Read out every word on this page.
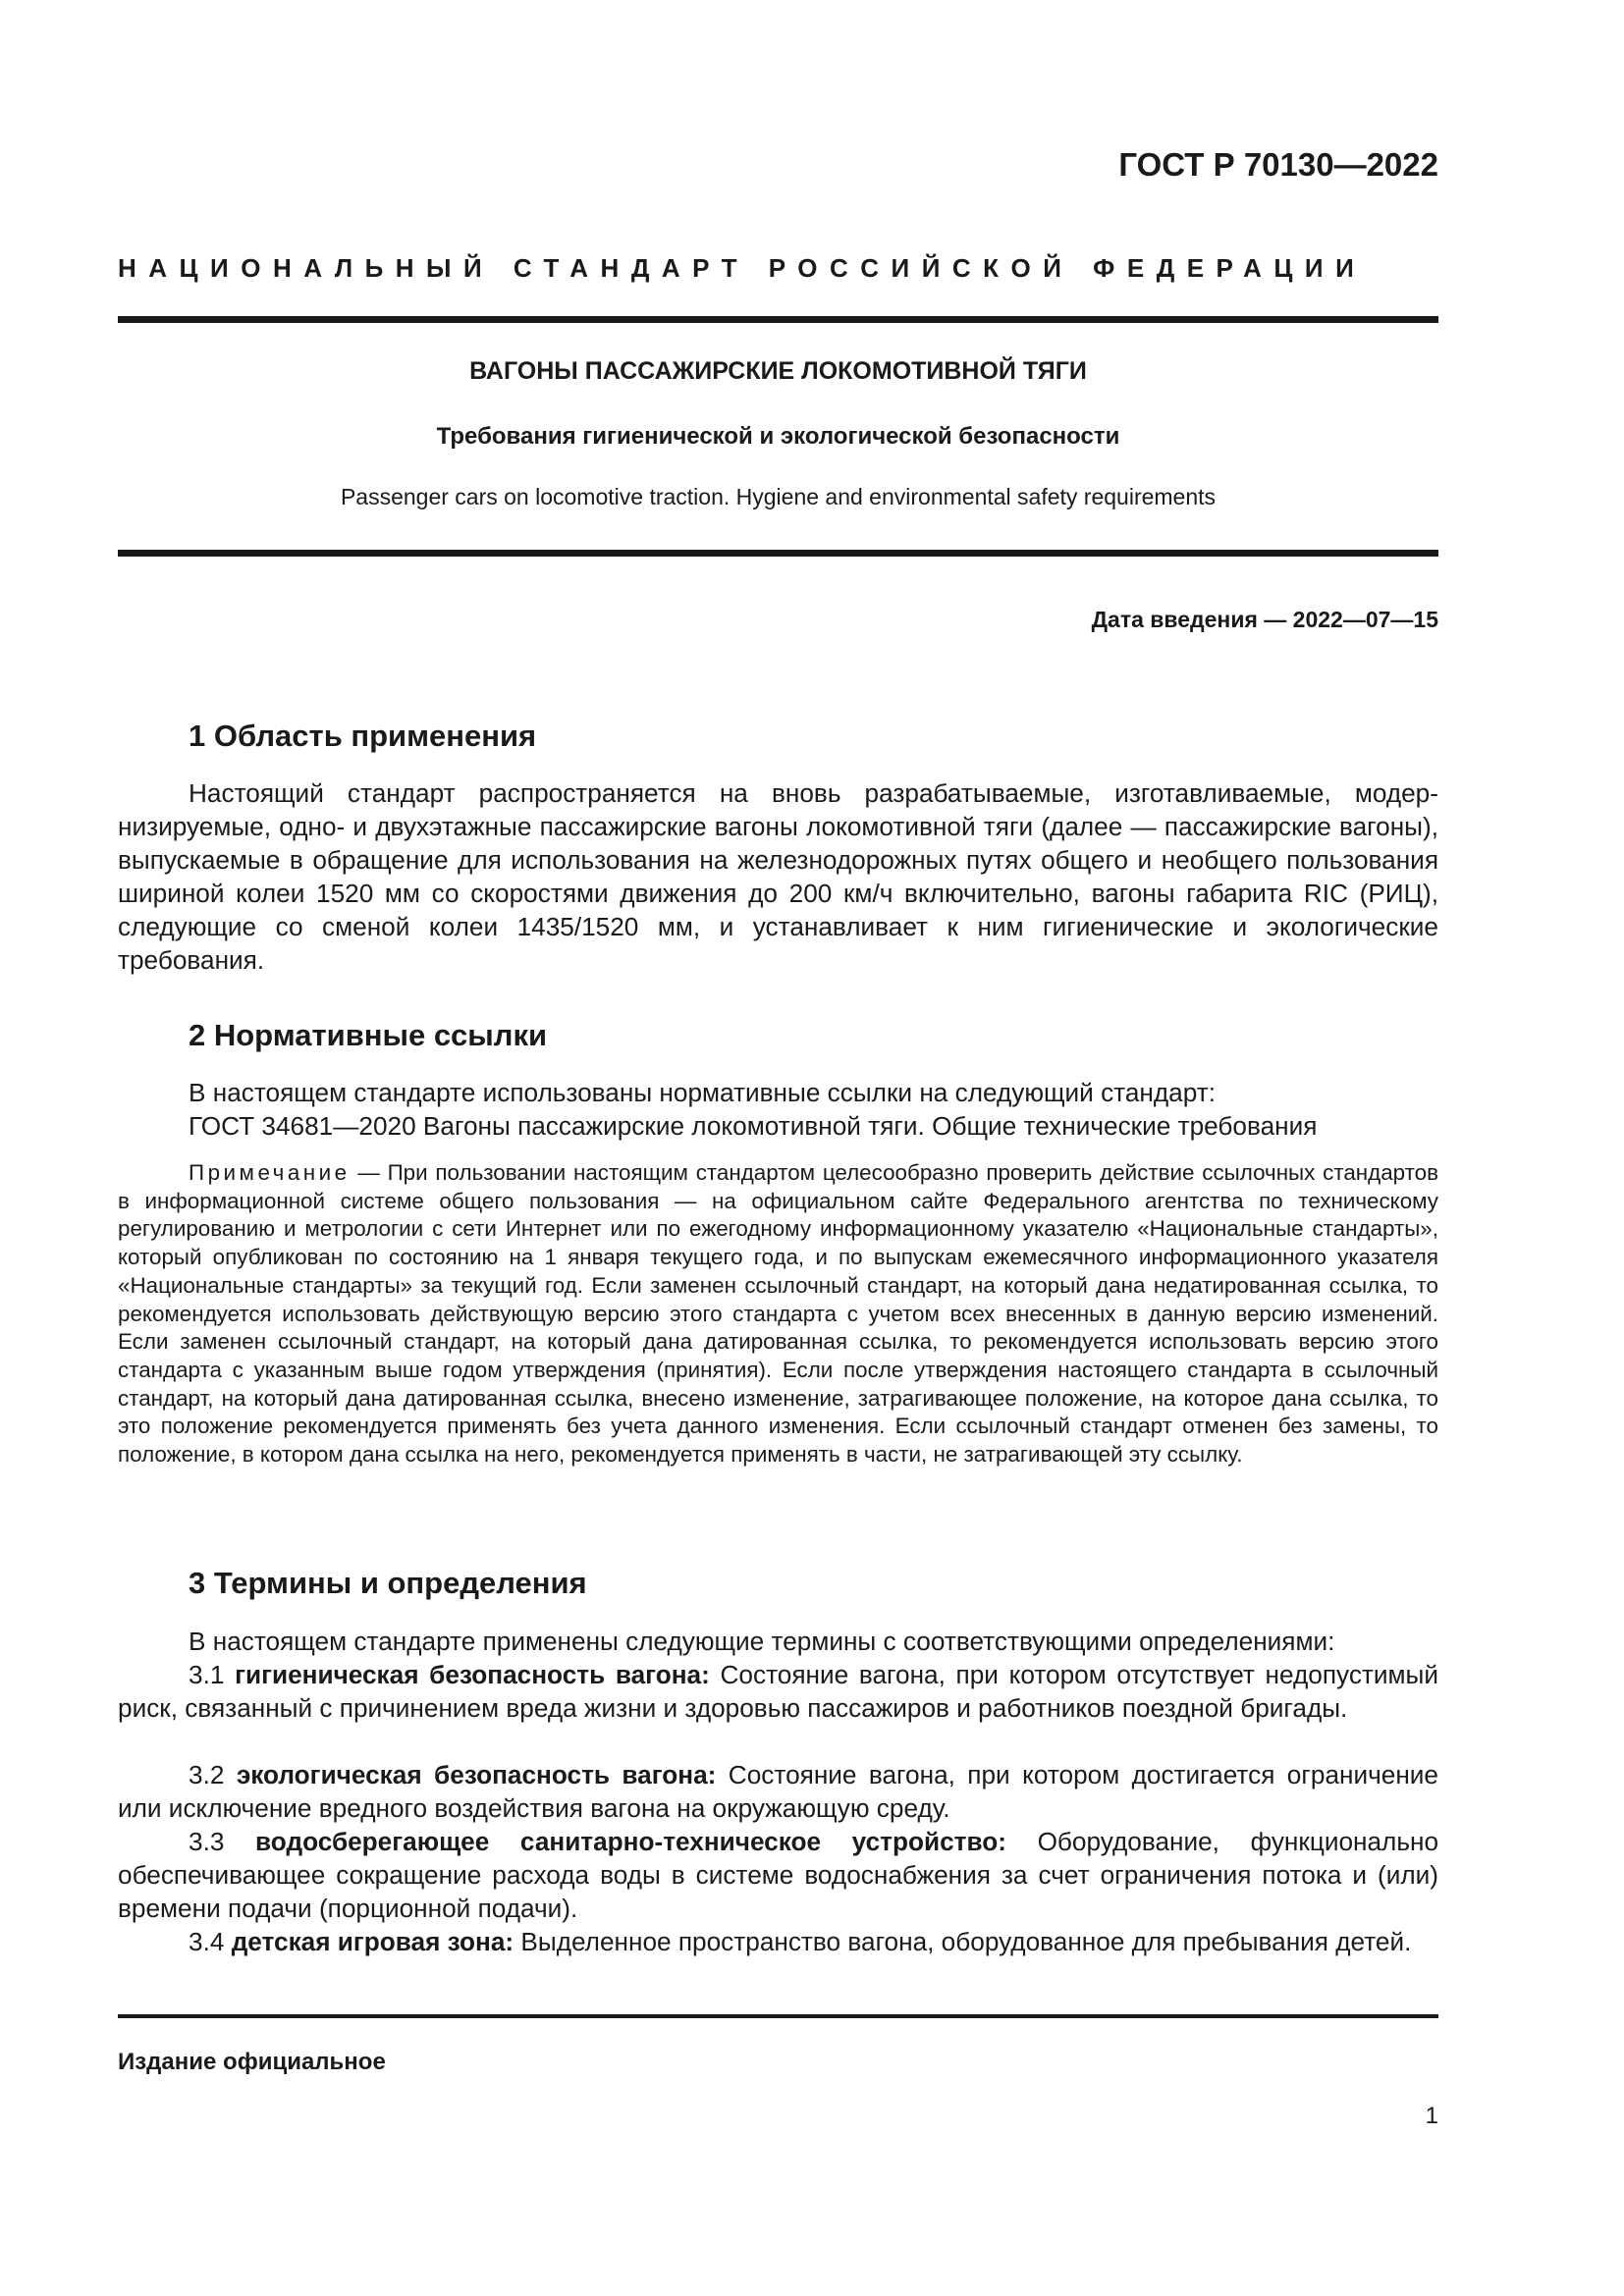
ГОСТ Р 70130—2022
НАЦИОНАЛЬНЫЙ СТАНДАРТ РОССИЙСКОЙ ФЕДЕРАЦИИ
ВАГОНЫ ПАССАЖИРСКИЕ ЛОКОМОТИВНОЙ ТЯГИ
Требования гигиенической и экологической безопасности
Passenger cars on locomotive traction. Hygiene and environmental safety requirements
Дата введения — 2022—07—15
1 Область применения

Настоящий стандарт распространяется на вновь разрабатываемые, изготавливаемые, модернизируемые, одно- и двухэтажные пассажирские вагоны локомотивной тяги (далее — пассажирские вагоны), выпускаемые в обращение для использования на железнодорожных путях общего и необщего пользования шириной колеи 1520 мм со скоростями движения до 200 км/ч включительно, вагоны габарита RIC (РИЦ), следующие со сменой колеи 1435/1520 мм, и устанавливает к ним гигиенические и экологические требования.

2 Нормативные ссылки

В настоящем стандарте использованы нормативные ссылки на следующий стандарт:

ГОСТ 34681—2020 Вагоны пассажирские локомотивной тяги. Общие технические требования

Примечание — При пользовании настоящим стандартом целесообразно проверить действие ссылочных стандартов в информационной системе общего пользования — на официальном сайте Федерального агентства по техническому регулированию и метрологии с сети Интернет или по ежегодному информационному указателю «Национальные стандарты», который опубликован по состоянию на 1 января текущего года, и по выпускам ежемесячного информационного указателя «Национальные стандарты» за текущий год. Если заменен ссылочный стандарт, на который дана недатированная ссылка, то рекомендуется использовать действующую версию этого стандарта с учетом всех внесенных в данную версию изменений. Если заменен ссылочный стандарт, на который дана датированная ссылка, то рекомендуется использовать версию этого стандарта с указанным выше годом утверждения (принятия). Если после утверждения настоящего стандарта в ссылочный стандарт, на который дана датированная ссылка, внесено изменение, затрагивающее положение, на которое дана ссылка, то это положение рекомендуется применять без учета данного изменения. Если ссылочный стандарт отменен без замены, то положение, в котором дана ссылка на него, рекомендуется применять в части, не затрагивающей эту ссылку.

3 Термины и определения

В настоящем стандарте применены следующие термины с соответствующими определениями:

3.1 гигиеническая безопасность вагона: Состояние вагона, при котором отсутствует недопустимый риск, связанный с причинением вреда жизни и здоровью пассажиров и работников поездной бригады.

3.2 экологическая безопасность вагона: Состояние вагона, при котором достигается ограничение или исключение вредного воздействия вагона на окружающую среду.

3.3 водосберегающее санитарно-техническое устройство: Оборудование, функционально обеспечивающее сокращение расхода воды в системе водоснабжения за счет ограничения потока и (или) времени подачи (порционной подачи).

3.4 детская игровая зона: Выделенное пространство вагона, оборудованное для пребывания детей.

Издание официальное
1
